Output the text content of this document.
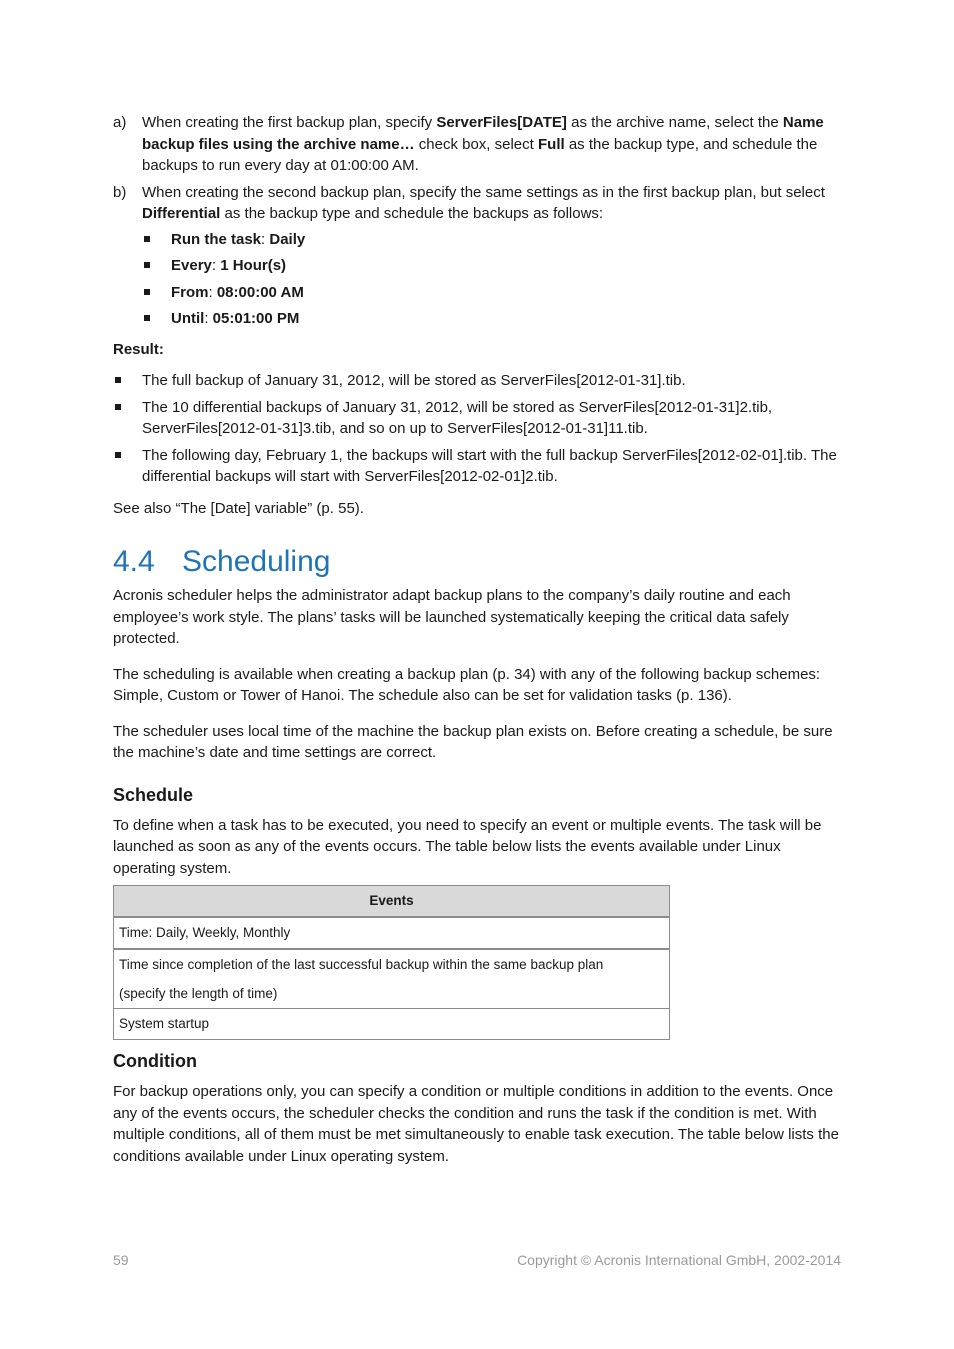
a) When creating the first backup plan, specify ServerFiles[DATE] as the archive name, select the Name backup files using the archive name… check box, select Full as the backup type, and schedule the backups to run every day at 01:00:00 AM.
b) When creating the second backup plan, specify the same settings as in the first backup plan, but select Differential as the backup type and schedule the backups as follows:
Run the task: Daily
Every: 1 Hour(s)
From: 08:00:00 AM
Until: 05:01:00 PM
Result:
The full backup of January 31, 2012, will be stored as ServerFiles[2012-01-31].tib.
The 10 differential backups of January 31, 2012, will be stored as ServerFiles[2012-01-31]2.tib, ServerFiles[2012-01-31]3.tib, and so on up to ServerFiles[2012-01-31]11.tib.
The following day, February 1, the backups will start with the full backup ServerFiles[2012-02-01].tib. The differential backups will start with ServerFiles[2012-02-01]2.tib.
See also “The [Date] variable” (p. 55).
4.4 Scheduling

Acronis scheduler helps the administrator adapt backup plans to the company’s daily routine and each employee’s work style. The plans’ tasks will be launched systematically keeping the critical data safely protected.

The scheduling is available when creating a backup plan (p. 34) with any of the following backup schemes: Simple, Custom or Tower of Hanoi. The schedule also can be set for validation tasks (p. 136).

The scheduler uses local time of the machine the backup plan exists on. Before creating a schedule, be sure the machine’s date and time settings are correct.

Schedule

To define when a task has to be executed, you need to specify an event or multiple events. The task will be launched as soon as any of the events occurs. The table below lists the events available under Linux operating system.

Events
Time: Daily, Weekly, Monthly

Time since completion of the last successful backup within the same backup plan
(specify the length of time)

System startup
Condition

For backup operations only, you can specify a condition or multiple conditions in addition to the events. Once any of the events occurs, the scheduler checks the condition and runs the task if the condition is met. With multiple conditions, all of them must be met simultaneously to enable task execution. The table below lists the conditions available under Linux operating system.

59	Copyright © Acronis International GmbH, 2002-2014
